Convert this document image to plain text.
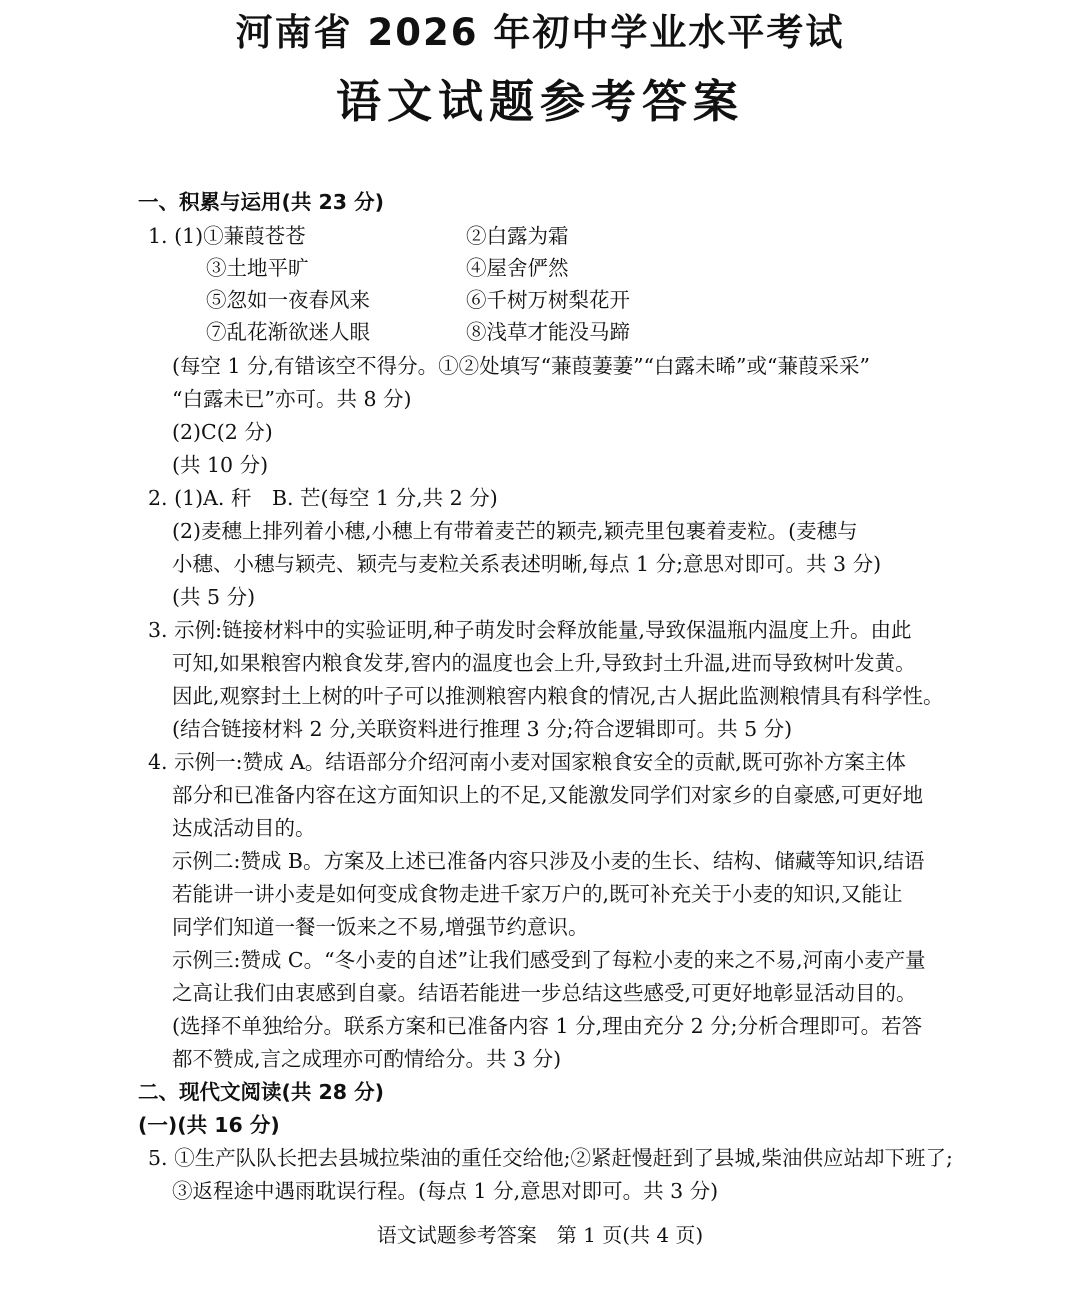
河南省 2026 年初中学业水平考试
语文试题参考答案
一、积累与运用(共 23 分)
1. (1)①蒹葭苍苍	②白露为霜
③土地平旷	④屋舍俨然
⑤忽如一夜春风来	⑥千树万树梨花开
⑦乱花渐欲迷人眼	⑧浅草才能没马蹄
(每空 1 分,有错该空不得分。①②处填写“蒹葭萋萋”“白露未晞”或“蒹葭采采”
“白露未已”亦可。共 8 分)
(2)C(2 分)
(共 10 分)
2. (1)A. 秆　B. 芒(每空 1 分,共 2 分)
(2)麦穗上排列着小穗,小穗上有带着麦芒的颖壳,颖壳里包裹着麦粒。(麦穗与
小穗、小穗与颖壳、颖壳与麦粒关系表述明晰,每点 1 分;意思对即可。共 3 分)
(共 5 分)
3. 示例:链接材料中的实验证明,种子萌发时会释放能量,导致保温瓶内温度上升。由此
可知,如果粮窖内粮食发芽,窖内的温度也会上升,导致封土升温,进而导致树叶发黄。
因此,观察封土上树的叶子可以推测粮窖内粮食的情况,古人据此监测粮情具有科学性。
(结合链接材料 2 分,关联资料进行推理 3 分;符合逻辑即可。共 5 分)
4. 示例一:赞成 A。结语部分介绍河南小麦对国家粮食安全的贡献,既可弥补方案主体
部分和已准备内容在这方面知识上的不足,又能激发同学们对家乡的自豪感,可更好地
达成活动目的。
示例二:赞成 B。方案及上述已准备内容只涉及小麦的生长、结构、储藏等知识,结语
若能讲一讲小麦是如何变成食物走进千家万户的,既可补充关于小麦的知识,又能让
同学们知道一餐一饭来之不易,增强节约意识。
示例三:赞成 C。“冬小麦的自述”让我们感受到了每粒小麦的来之不易,河南小麦产量
之高让我们由衷感到自豪。结语若能进一步总结这些感受,可更好地彰显活动目的。
(选择不单独给分。联系方案和已准备内容 1 分,理由充分 2 分;分析合理即可。若答
都不赞成,言之成理亦可酌情给分。共 3 分)
二、现代文阅读(共 28 分)
(一)(共 16 分)
5. ①生产队队长把去县城拉柴油的重任交给他;②紧赶慢赶到了县城,柴油供应站却下班了;
③返程途中遇雨耽误行程。(每点 1 分,意思对即可。共 3 分)
语文试题参考答案　第 1 页(共 4 页)
